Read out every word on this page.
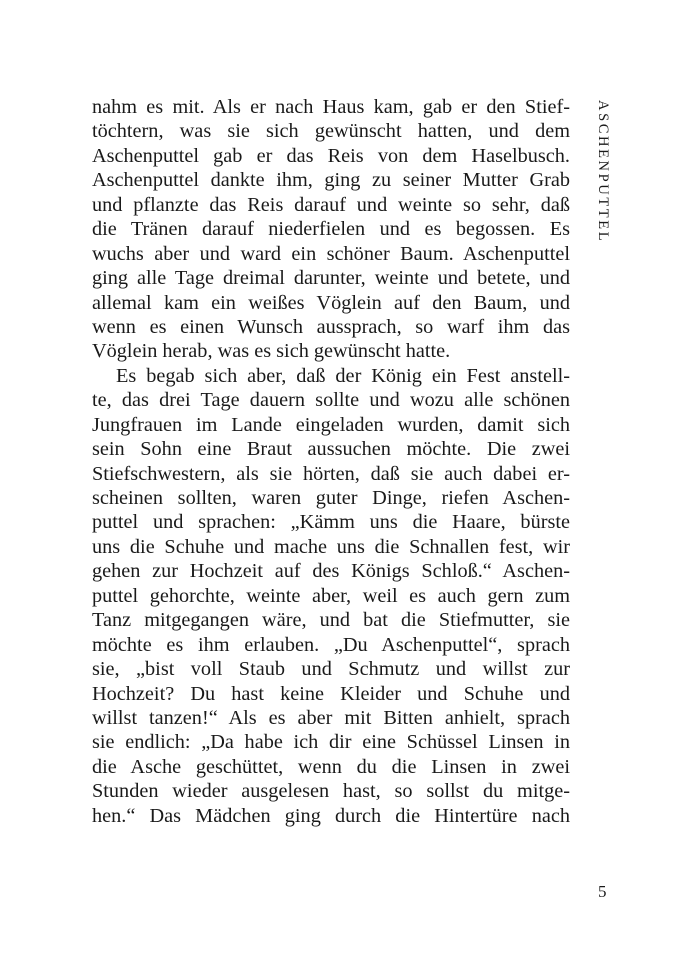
nahm es mit. Als er nach Haus kam, gab er den Stief-
töchtern, was sie sich gewünscht hatten, und dem
Aschenputtel gab er das Reis von dem Haselbusch.
Aschenputtel dankte ihm, ging zu seiner Mutter Grab
und pflanzte das Reis darauf und weinte so sehr, daß
die Tränen darauf niederfielen und es begossen. Es
wuchs aber und ward ein schöner Baum. Aschenputtel
ging alle Tage dreimal darunter, weinte und betete, und
allemal kam ein weißes Vöglein auf den Baum, und
wenn es einen Wunsch aussprach, so warf ihm das
Vöglein herab, was es sich gewünscht hatte.
Es begab sich aber, daß der König ein Fest anstell-
te, das drei Tage dauern sollte und wozu alle schönen
Jungfrauen im Lande eingeladen wurden, damit sich
sein Sohn eine Braut aussuchen möchte. Die zwei
Stiefschwestern, als sie hörten, daß sie auch dabei er-
scheinen sollten, waren guter Dinge, riefen Aschen-
puttel und sprachen: „Kämm uns die Haare, bürste
uns die Schuhe und mache uns die Schnallen fest, wir
gehen zur Hochzeit auf des Königs Schloß.“ Aschen-
puttel gehorchte, weinte aber, weil es auch gern zum
Tanz mitgegangen wäre, und bat die Stiefmutter, sie
möchte es ihm erlauben. „Du Aschenputtel“, sprach
sie, „bist voll Staub und Schmutz und willst zur
Hochzeit? Du hast keine Kleider und Schuhe und
willst tanzen!“ Als es aber mit Bitten anhielt, sprach
sie endlich: „Da habe ich dir eine Schüssel Linsen in
die Asche geschüttet, wenn du die Linsen in zwei
Stunden wieder ausgelesen hast, so sollst du mitge-
hen.“ Das Mädchen ging durch die Hintertüre nach
ASCHENPUTTEL
5
